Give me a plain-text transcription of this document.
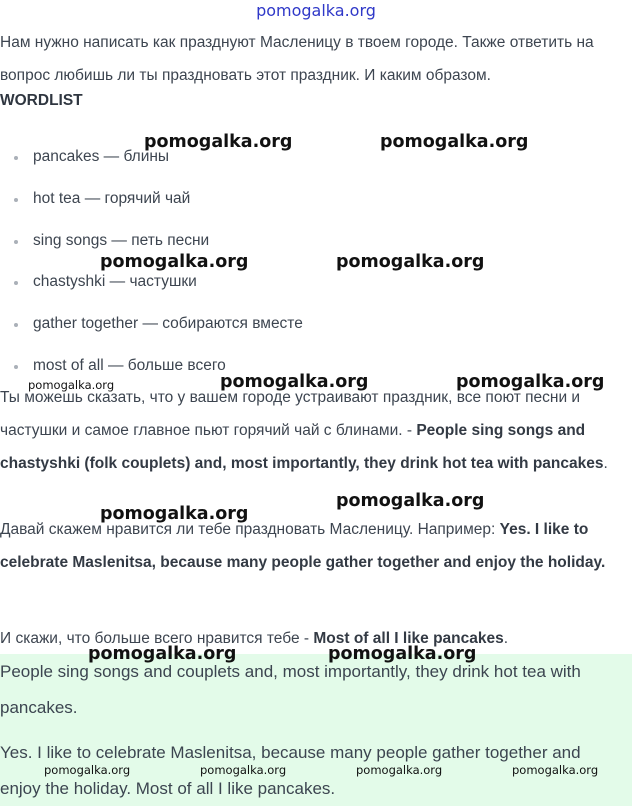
pomogalka.org

Нам нужно написать как празднуют Масленицу в твоем городе. Также ответить на вопрос любишь ли ты праздновать этот праздник. И каким образом.

WORDLIST
pancakes — блины
hot tea — горячий чай
sing songs — петь песни
chastyshki — частушки
gather together — собираются вместе
most of all — больше всего

Ты можешь сказать, что у вашем городе устраивают праздник, все поют песни и частушки и самое главное пьют горячий чай с блинами. - People sing songs and chastyshki (folk couplets) and, most importantly, they drink hot tea with pancakes.

Давай скажем нравится ли тебе праздновать Масленицу. Например: Yes. I like to celebrate Maslenitsa, because many people gather together and enjoy the holiday.

И скажи, что больше всего нравится тебе - Most of all I like pancakes.

People sing songs and couplets and, most importantly, they drink hot tea with pancakes.

Yes. I like to celebrate Maslenitsa, because many people gather together and enjoy the holiday. Most of all I like pancakes.

pomogalka.org	pomogalka.org
pomogalka.org	pomogalka.org
pomogalka.org	pomogalka.org	pomogalka.org
pomogalka.org
pomogalka.org
pomogalka.org	pomogalka.org
pomogalka.org	pomogalka.org	pomogalka.org	pomogalka.org
